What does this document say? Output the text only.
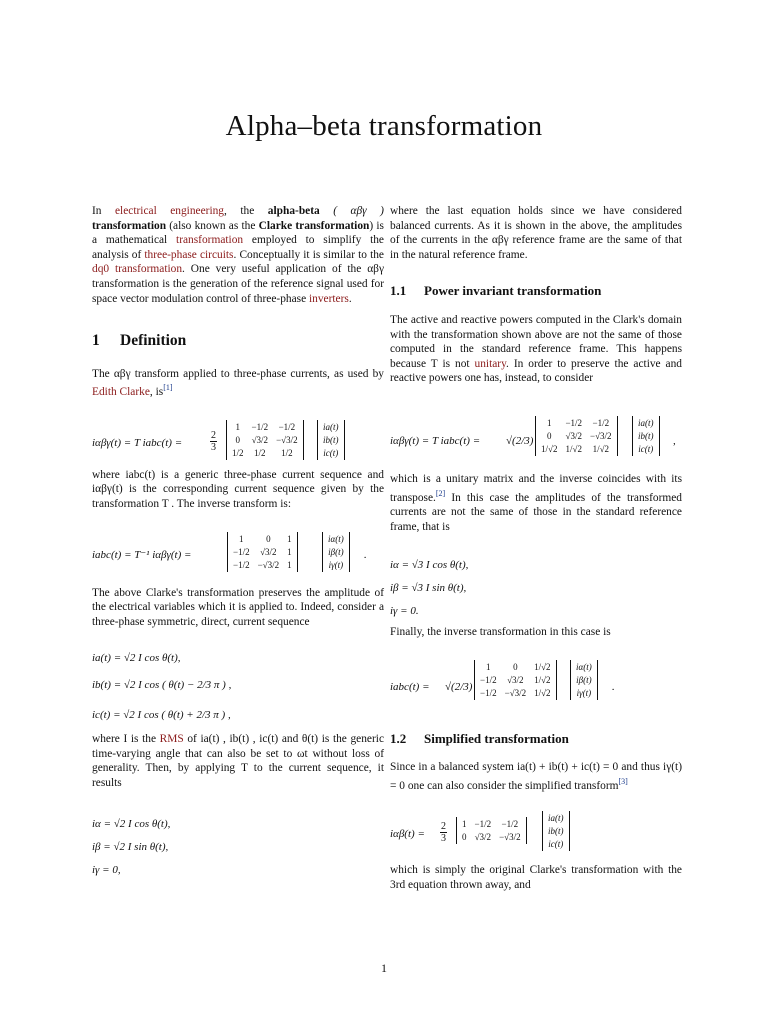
Alpha–beta transformation

In electrical engineering, the alpha-beta ( αβγ ) transformation (also known as the Clarke transformation) is a mathematical transformation employed to simplify the analysis of three-phase circuits. Conceptually it is similar to the dq0 transformation. One very useful application of the αβγ transformation is the generation of the reference signal used for space vector modulation control of three-phase inverters.

1 Definition

The αβγ transform applied to three-phase currents, as used by Edith Clarke, is[1]

iαβγ(t) = T iabc(t) =	$\frac{2}{3}$
1	−1/2 −1/2
0	√3/2 −√3/2
1/2 1/2	1/2
ia(t)
ib(t)
ic(t)

where iabc(t) is a generic three-phase current sequence and iαβγ(t) is the corresponding current sequence given by the transformation T . The inverse transform is:

iabc(t) = T⁻¹ iαβγ(t) =
1	0	1
−1/2 √3/2 1
−1/2 −√3/2 1
iα(t)
iβ(t)
iγ(t)
.

The above Clarke's transformation preserves the amplitude of the electrical variables which it is applied to. Indeed, consider a three-phase symmetric, direct, current sequence

ia(t) = √2 I cos θ(t),

ib(t) = √2 I cos ( θ(t) − 2/3 π ) ,

ic(t) = √2 I cos ( θ(t) + 2/3 π ) ,

where I is the RMS of ia(t) , ib(t) , ic(t) and θ(t) is the generic time-varying angle that can also be set to ωt without loss of generality. Then, by applying T to the current sequence, it results

iα = √2 I cos θ(t),

iβ = √2 I sin θ(t),

iγ = 0,

where the last equation holds since we have considered balanced currents. As it is shown in the above, the amplitudes of the currents in the αβγ reference frame are the same of that in the natural reference frame.

1.1 Power invariant transformation

The active and reactive powers computed in the Clark's domain with the transformation shown above are not the same of those computed in the standard reference frame. This happens because T is not unitary. In order to preserve the active and reactive powers one has, instead, to consider

iαβγ(t) = T iabc(t) = √(2/3)
1	−1/2 −1/2
0	√3/2 −√3/2
1/√2 1/√2 1/√2
ia(t)
ib(t)
ic(t)
,

which is a unitary matrix and the inverse coincides with its transpose.[2] In this case the amplitudes of the transformed currents are not the same of those in the standard reference frame, that is

iα = √3 I cos θ(t),

iβ = √3 I sin θ(t),

iγ = 0.

Finally, the inverse transformation in this case is

iabc(t) = √(2/3)
1	0	1/√2
−1/2 √3/2 1/√2
−1/2 −√3/2 1/√2
iα(t)
iβ(t)
iγ(t) .

1.2 Simplified transformation

Since in a balanced system ia(t) + ib(t) + ic(t) = 0 and thus iγ(t) = 0 one can also consider the simplified transform[3]

$i\alpha\beta(t) = \frac{2}{3} 1 -1/2 -1/2$
0 √3/2 −√3/2
ia(t)
ib(t)
ic(t)

which is simply the original Clarke's transformation with the 3rd equation thrown away, and

1
